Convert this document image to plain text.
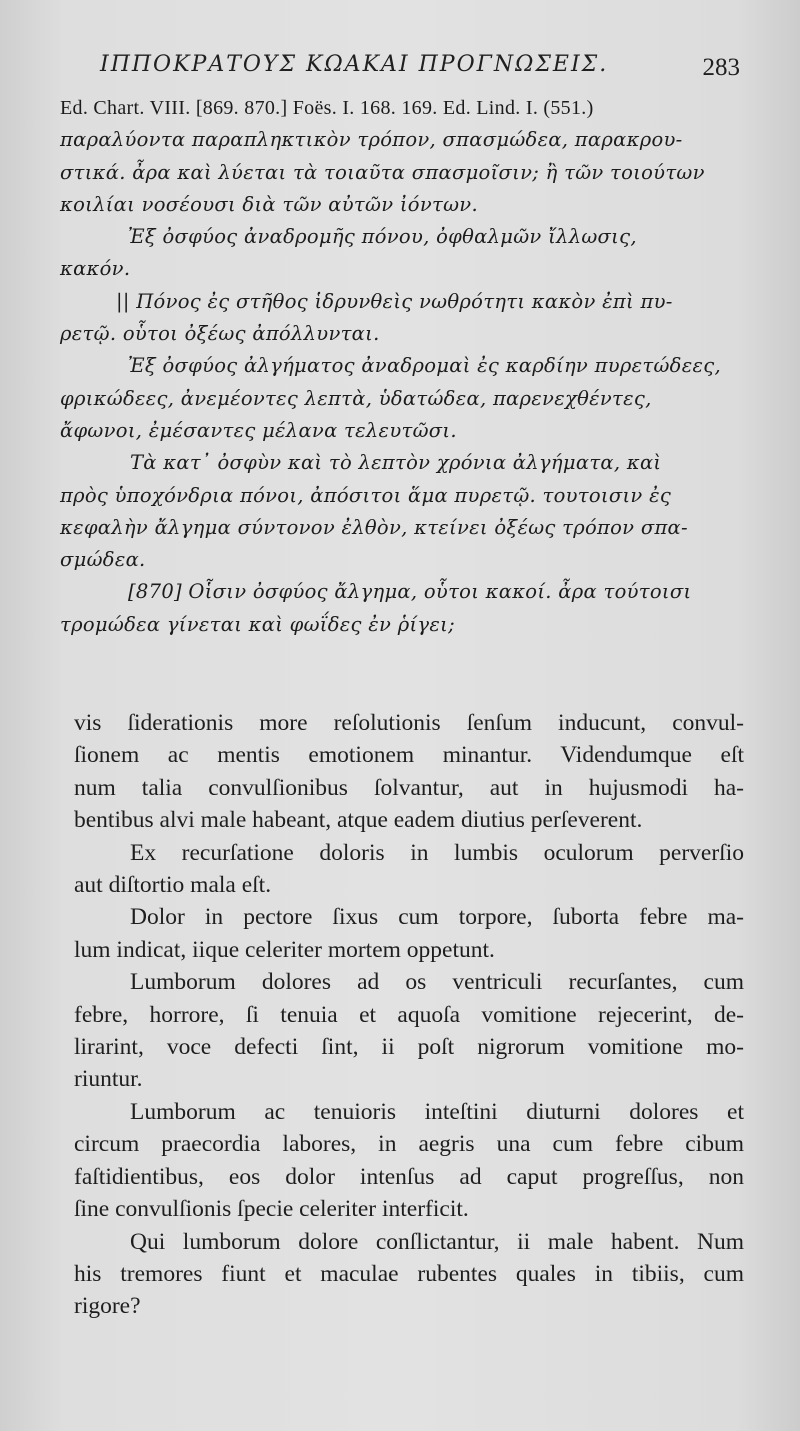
ΙΠΠΟΚΡΑΤΟΥΣ ΚΩΑΚΑΙ ΠΡΟΓΝΩΣΕΙΣ.	283
Ed. Chart. VIII. [869. 870.] Foës. I. 168. 169. Ed. Lind. I. (551.)
παραλύοντα παραπληκτικὸν τρόπον, σπασμώδεα, παρακρου-
στικά. ἆρα καὶ λύεται τὰ τοιαῦτα σπασμοῖσιν; ἢ τῶν τοιούτων
κοιλίαι νοσέουσι διὰ τῶν αὐτῶν ἰόντων.
Ἐξ ὀσφύος ἀναδρομῆς πόνου, ὀφθαλμῶν ἴλλωσις,
κακόν.
|| Πόνος ἐς στῆθος ἱδρυνθεὶς νωθρότητι κακὸν ἐπὶ πυ-
ρετῷ. οὗτοι ὀξέως ἀπόλλυνται.
Ἐξ ὀσφύος ἀλγήματος ἀναδρομαὶ ἐς καρδίην πυρετώδεες,
φρικώδεες, ἀνεμέοντες λεπτὰ, ὑδατώδεα, παρενεχθέντες,
ἄφωνοι, ἐμέσαντες μέλανα τελευτῶσι.
Τὰ κατ᾽ ὀσφὺν καὶ τὸ λεπτὸν χρόνια ἀλγήματα, καὶ
πρὸς ὑποχόνδρια πόνοι, ἀπόσιτοι ἅμα πυρετῷ. τουτοισιν ἐς
κεφαλὴν ἄλγημα σύντονον ἐλθὸν, κτείνει ὀξέως τρόπον σπα-
σμώδεα.
[870] Οἷσιν ὀσφύος ἄλγημα, οὗτοι κακοί. ἆρα τούτοισι
τρομώδεα γίνεται καὶ φωΐδες ἐν ῥίγει;
vis ſiderationis more reſolutionis ſenſum inducunt, convul-
ſionem ac mentis emotionem minantur. Videndumque eſt
num talia convulſionibus ſolvantur, aut in hujusmodi ha-
bentibus alvi male habeant, atque eadem diutius perſeverent.
Ex recurſatione doloris in lumbis oculorum perverſio
aut diſtortio mala eſt.
Dolor in pectore ſixus cum torpore, ſuborta febre ma-
lum indicat, iique celeriter mortem oppetunt.
Lumborum dolores ad os ventriculi recurſantes, cum
febre, horrore, ſi tenuia et aquoſa vomitione rejecerint, de-
lirarint, voce defecti ſint, ii poſt nigrorum vomitione mo-
riuntur.
Lumborum ac tenuioris inteſtini diuturni dolores et
circum praecordia labores, in aegris una cum febre cibum
faſtidientibus, eos dolor intenſus ad caput progreſſus, non
ſine convulſionis ſpecie celeriter interficit.
Qui lumborum dolore conſlictantur, ii male habent. Num
his tremores fiunt et maculae rubentes quales in tibiis, cum
rigore?
